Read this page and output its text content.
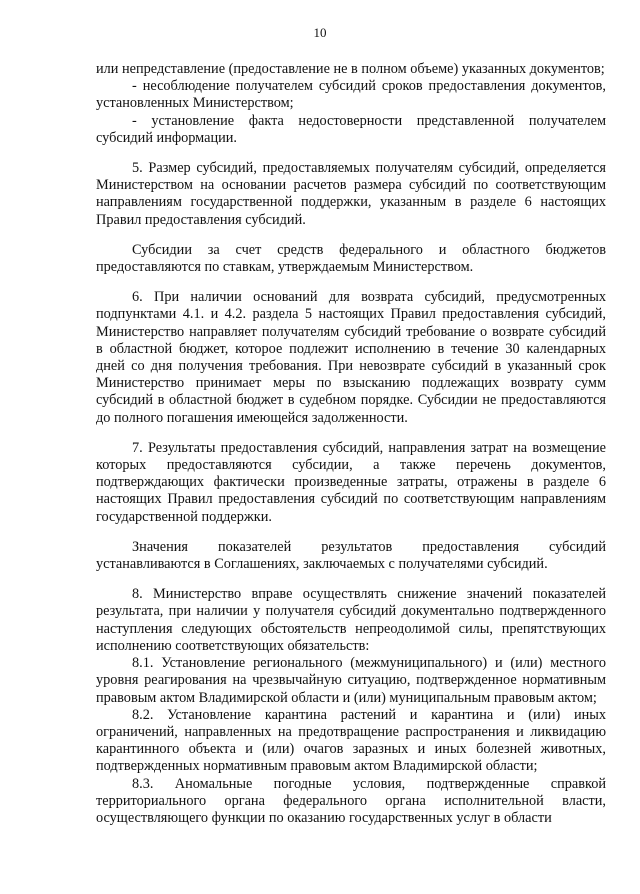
10

или непредставление (предоставление не в полном объеме) указанных документов;

- несоблюдение получателем субсидий сроков предоставления документов, установленных Министерством;

- установление факта недостоверности представленной получателем субсидий информации.

5. Размер субсидий, предоставляемых получателям субсидий, определяется Министерством на основании расчетов размера субсидий по соответствующим направлениям государственной поддержки, указанным в разделе 6 настоящих Правил предоставления субсидий.

Субсидии за счет средств федерального и областного бюджетов предоставляются по ставкам, утверждаемым Министерством.

6. При наличии оснований для возврата субсидий, предусмотренных подпунктами 4.1. и 4.2. раздела 5 настоящих Правил предоставления субсидий, Министерство направляет получателям субсидий требование о возврате субсидий в областной бюджет, которое подлежит исполнению в течение 30 календарных дней со дня получения требования. При невозврате субсидий в указанный срок Министерство принимает меры по взысканию подлежащих возврату сумм субсидий в областной бюджет в судебном порядке. Субсидии не предоставляются до полного погашения имеющейся задолженности.

7. Результаты предоставления субсидий, направления затрат на возмещение которых предоставляются субсидии, а также перечень документов, подтверждающих фактически произведенные затраты, отражены в разделе 6 настоящих Правил предоставления субсидий по соответствующим направлениям государственной поддержки.

Значения показателей результатов предоставления субсидий устанавливаются в Соглашениях, заключаемых с получателями субсидий.

8. Министерство вправе осуществлять снижение значений показателей результата, при наличии у получателя субсидий документально подтвержденного наступления следующих обстоятельств непреодолимой силы, препятствующих исполнению соответствующих обязательств:

8.1. Установление регионального (межмуниципального) и (или) местного уровня реагирования на чрезвычайную ситуацию, подтвержденное нормативным правовым актом Владимирской области и (или) муниципальным правовым актом;

8.2. Установление карантина растений и карантина и (или) иных ограничений, направленных на предотвращение распространения и ликвидацию карантинного объекта и (или) очагов заразных и иных болезней животных, подтвержденных нормативным правовым актом Владимирской области;

8.3. Аномальные погодные условия, подтвержденные справкой территориального органа федерального органа исполнительной власти, осуществляющего функции по оказанию государственных услуг в области
